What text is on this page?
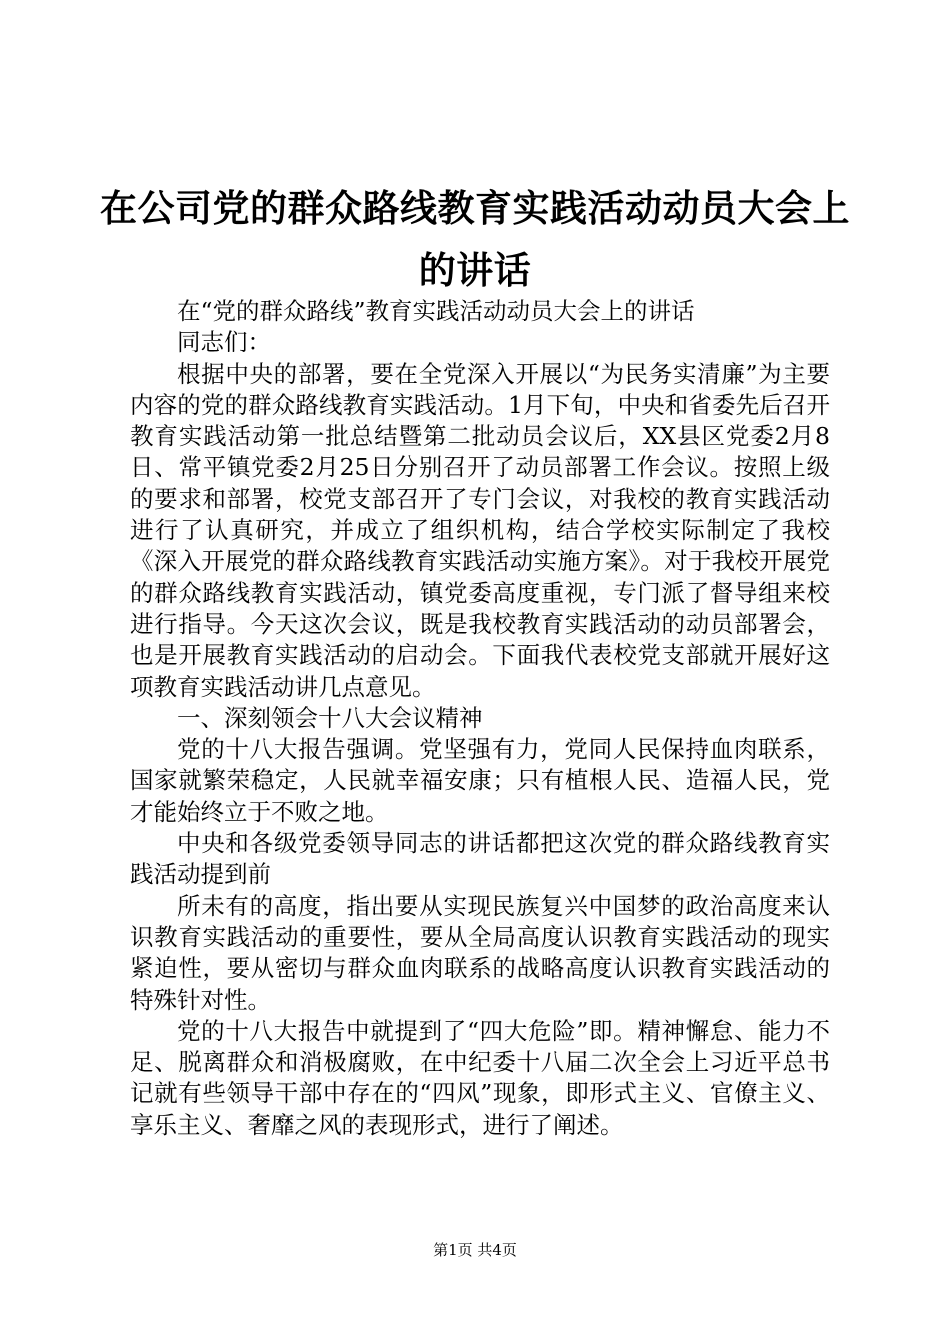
在公司党的群众路线教育实践活动动员大会上的讲话

在“党的群众路线”教育实践活动动员大会上的讲话

同志们：

根据中央的部署，要在全党深入开展以“为民务实清廉”为主要内容的党的群众路线教育实践活动。1月下旬，中央和省委先后召开教育实践活动第一批总结暨第二批动员会议后，XX县区党委2月8日、常平镇党委2月25日分别召开了动员部署工作会议。按照上级的要求和部署，校党支部召开了专门会议，对我校的教育实践活动进行了认真研究，并成立了组织机构，结合学校实际制定了我校《深入开展党的群众路线教育实践活动实施方案》。对于我校开展党的群众路线教育实践活动，镇党委高度重视，专门派了督导组来校进行指导。今天这次会议，既是我校教育实践活动的动员部署会，也是开展教育实践活动的启动会。下面我代表校党支部就开展好这项教育实践活动讲几点意见。

一、深刻领会十八大会议精神

党的十八大报告强调。党坚强有力，党同人民保持血肉联系，国家就繁荣稳定，人民就幸福安康；只有植根人民、造福人民，党才能始终立于不败之地。

中央和各级党委领导同志的讲话都把这次党的群众路线教育实践活动提到前

所未有的高度，指出要从实现民族复兴中国梦的政治高度来认识教育实践活动的重要性，要从全局高度认识教育实践活动的现实紧迫性，要从密切与群众血肉联系的战略高度认识教育实践活动的特殊针对性。

党的十八大报告中就提到了“四大危险”即。精神懈怠、能力不足、脱离群众和消极腐败，在中纪委十八届二次全会上习近平总书记就有些领导干部中存在的“四风”现象，即形式主义、官僚主义、享乐主义、奢靡之风的表现形式，进行了阐述。

第1页 共4页
